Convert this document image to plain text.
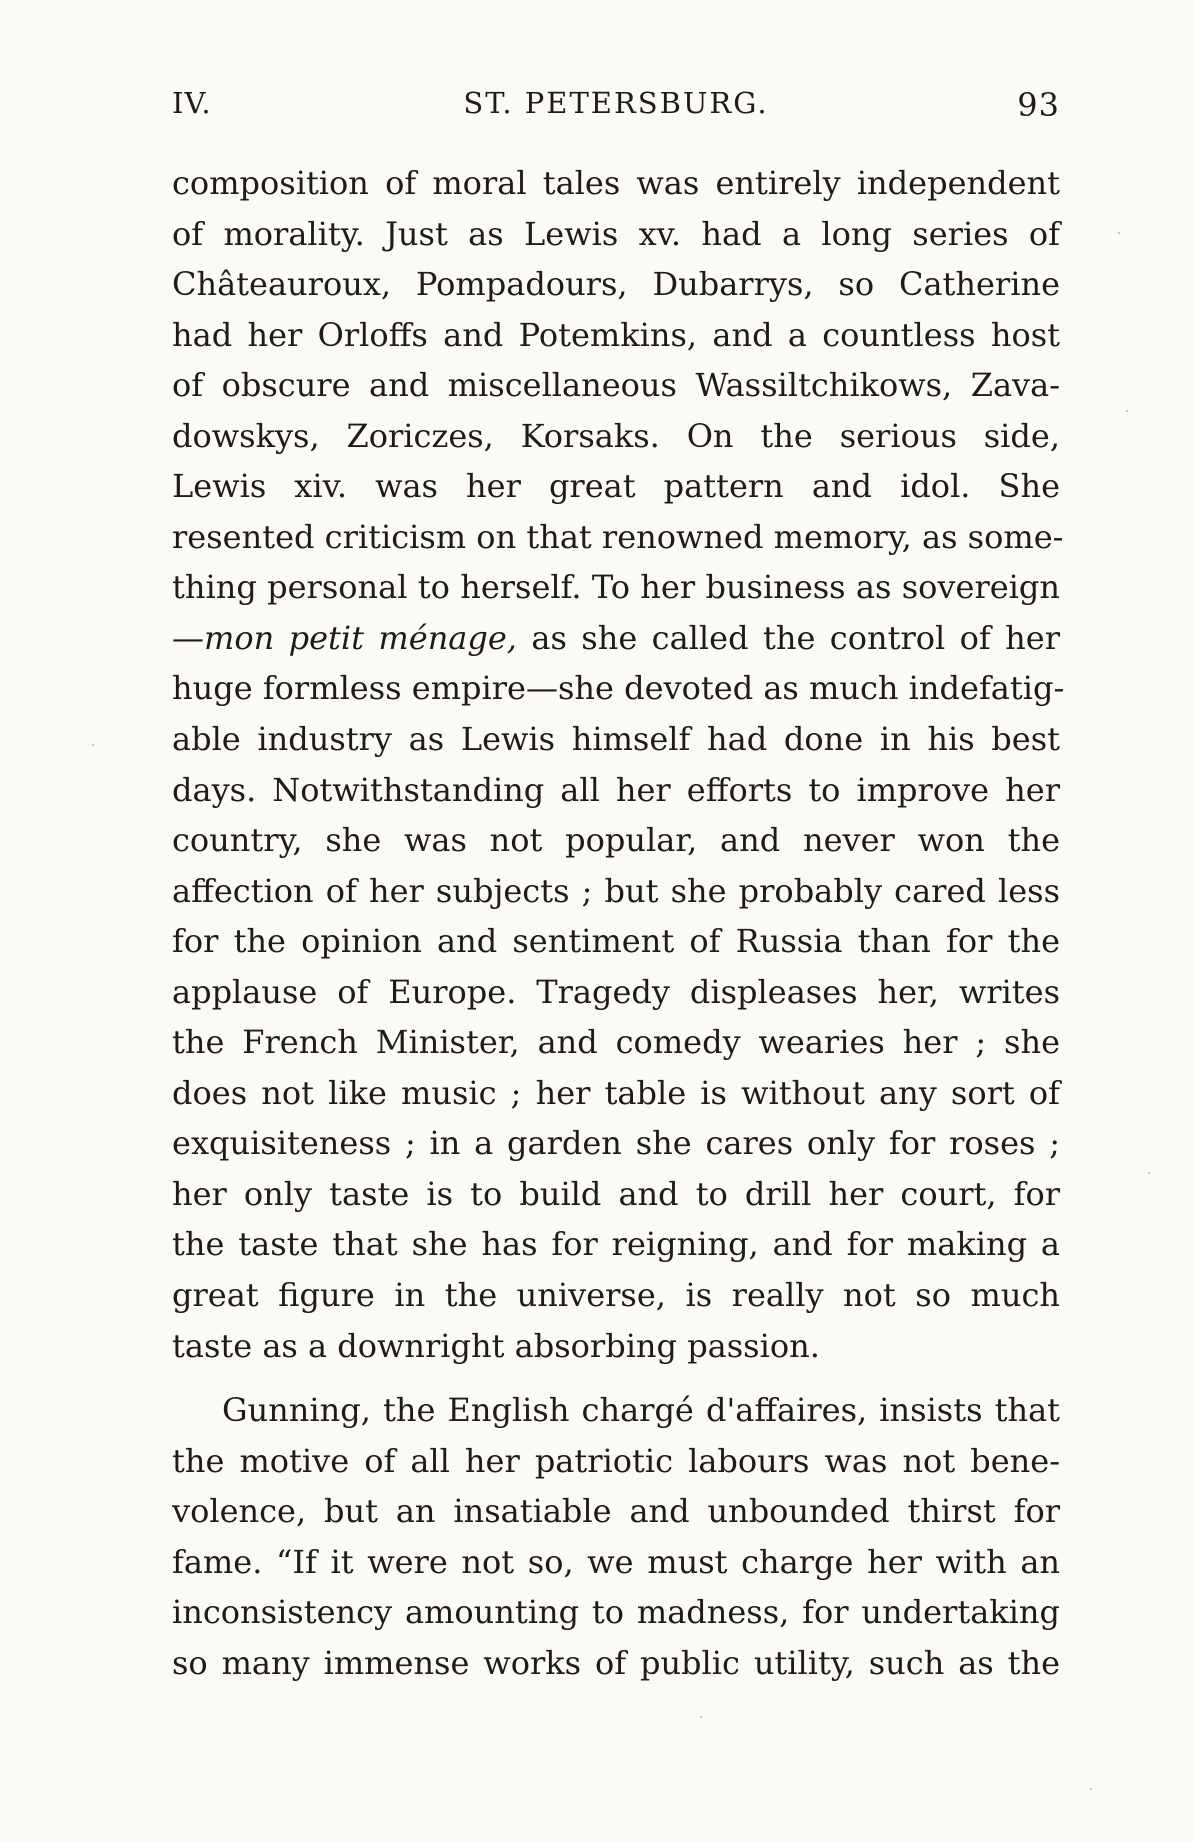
IV.	ST. PETERSBURG.	93
composition of moral tales was entirely independent
of morality. Just as Lewis xv. had a long series of
Châteauroux, Pompadours, Dubarrys, so Catherine
had her Orloffs and Potemkins, and a countless host
of obscure and miscellaneous Wassiltchikows, Zava-
dowskys, Zoriczes, Korsaks. On the serious side,
Lewis xiv. was her great pattern and idol. She
resented criticism on that renowned memory, as some-
thing personal to herself. To her business as sovereign
—mon petit ménage, as she called the control of her
huge formless empire—she devoted as much indefatig-
able industry as Lewis himself had done in his best
days. Notwithstanding all her efforts to improve her
country, she was not popular, and never won the
affection of her subjects ; but she probably cared less
for the opinion and sentiment of Russia than for the
applause of Europe. Tragedy displeases her, writes
the French Minister, and comedy wearies her ; she
does not like music ; her table is without any sort of
exquisiteness ; in a garden she cares only for roses ;
her only taste is to build and to drill her court, for
the taste that she has for reigning, and for making a
great figure in the universe, is really not so much
taste as a downright absorbing passion.
Gunning, the English chargé d'affaires, insists that
the motive of all her patriotic labours was not bene-
volence, but an insatiable and unbounded thirst for
fame. “If it were not so, we must charge her with an
inconsistency amounting to madness, for undertaking
so many immense works of public utility, such as the
